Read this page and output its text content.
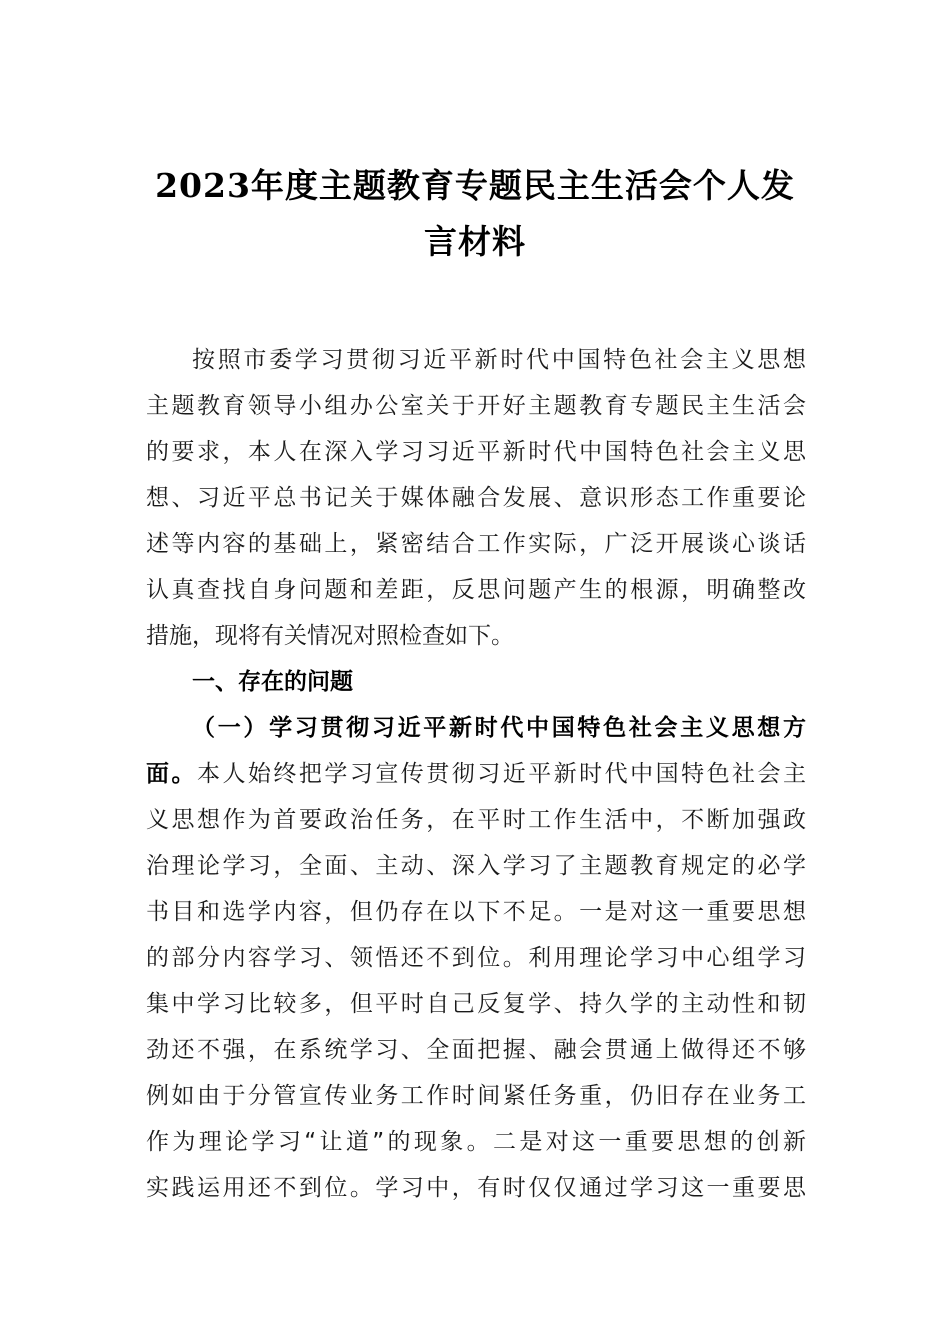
2023年度主题教育专题民主生活会个人发
言材料
按照市委学习贯彻习近平新时代中国特色社会主义思想
主题教育领导小组办公室关于开好主题教育专题民主生活会
的要求，本人在深入学习习近平新时代中国特色社会主义思
想、习近平总书记关于媒体融合发展、意识形态工作重要论
述等内容的基础上，紧密结合工作实际，广泛开展谈心谈话
认真查找自身问题和差距，反思问题产生的根源，明确整改
措施，现将有关情况对照检查如下。
一、存在的问题
（一）学习贯彻习近平新时代中国特色社会主义思想方
面。本人始终把学习宣传贯彻习近平新时代中国特色社会主
义思想作为首要政治任务，在平时工作生活中，不断加强政
治理论学习，全面、主动、深入学习了主题教育规定的必学
书目和选学内容，但仍存在以下不足。一是对这一重要思想
的部分内容学习、领悟还不到位。利用理论学习中心组学习
集中学习比较多，但平时自己反复学、持久学的主动性和韧
劲还不强，在系统学习、全面把握、融会贯通上做得还不够
例如由于分管宣传业务工作时间紧任务重，仍旧存在业务工
作为理论学习“让道”的现象。二是对这一重要思想的创新
实践运用还不到位。学习中，有时仅仅通过学习这一重要思
